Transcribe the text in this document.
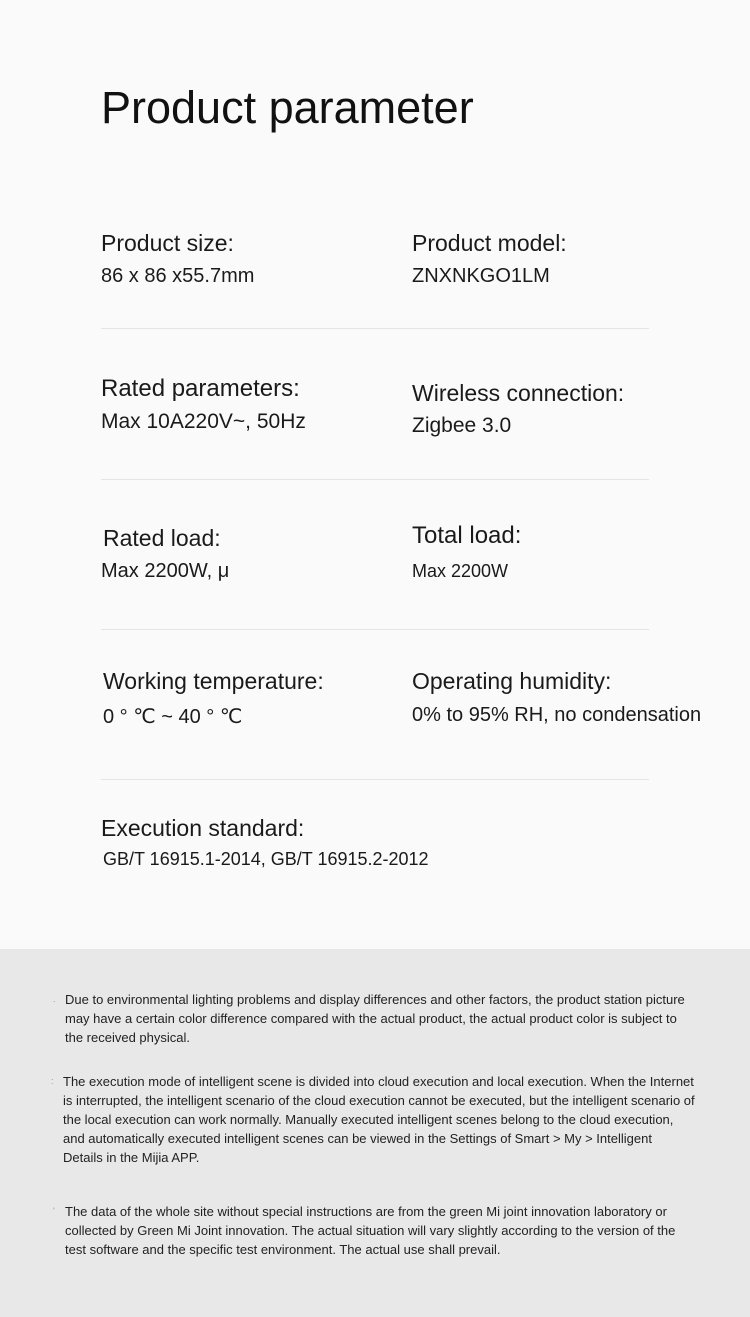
Product parameter
Product size:
86 x 86 x55.7mm
Product model:
ZNXNKGO1LM
Rated parameters:
Max 10A220V~, 50Hz
Wireless connection:
Zigbee 3.0
Rated load:
Max 2200W, μ
Total load:
Max 2200W
Working temperature:
0 ° ℃ ~ 40 ° ℃
Operating humidity:
0% to 95% RH, no condensation
Execution standard:
GB/T 16915.1-2014, GB/T 16915.2-2012
. Due to environmental lighting problems and display differences and other factors, the product station picture may have a certain color difference compared with the actual product, the actual product color is subject to the received physical.
: The execution mode of intelligent scene is divided into cloud execution and local execution. When the Internet is interrupted, the intelligent scenario of the cloud execution cannot be executed, but the intelligent scenario of the local execution can work normally. Manually executed intelligent scenes belong to the cloud execution, and automatically executed intelligent scenes can be viewed in the Settings of Smart > My > Intelligent Details in the Mijia APP.
' The data of the whole site without special instructions are from the green Mi joint innovation laboratory or collected by Green Mi Joint innovation. The actual situation will vary slightly according to the version of the test software and the specific test environment. The actual use shall prevail.
